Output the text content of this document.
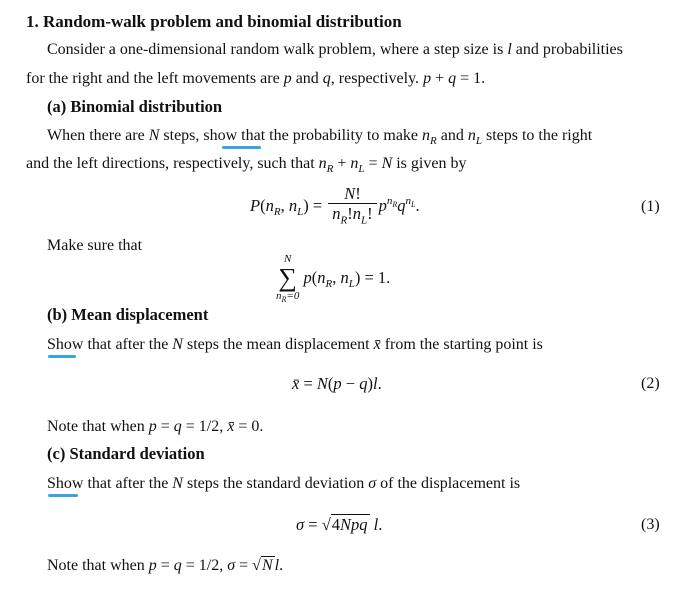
1. Random-walk problem and binomial distribution
Consider a one-dimensional random walk problem, where a step size is l and probabilities
for the right and the left movements are p and q, respectively. p + q = 1.
(a) Binomial distribution
When there are N steps, show that the probability to make $n_R$ and $n_L$ steps to the right
and the left directions, respectively, such that $n_R + n_L = N$ is given by
$P(n_R$, $n_L) = \frac{N!}{n_R!n_L!} p^{n_R}q^{n_L}$.	(1)
Make sure that
N
∑
$n_R=0$
$p(n_R$, $n_L) = 1$.
(b) Mean displacement
Show that after the N steps the mean displacement x̄ from the starting point is
x̄ = N(p − q)l.	(2)
Note that when p = q = 1/2, x̄ = 0.
(c) Standard deviation
Show that after the N steps the standard deviation σ of the displacement is
σ = √4Npq l.	(3)
Note that when p = q = 1/2, σ = √N l.
